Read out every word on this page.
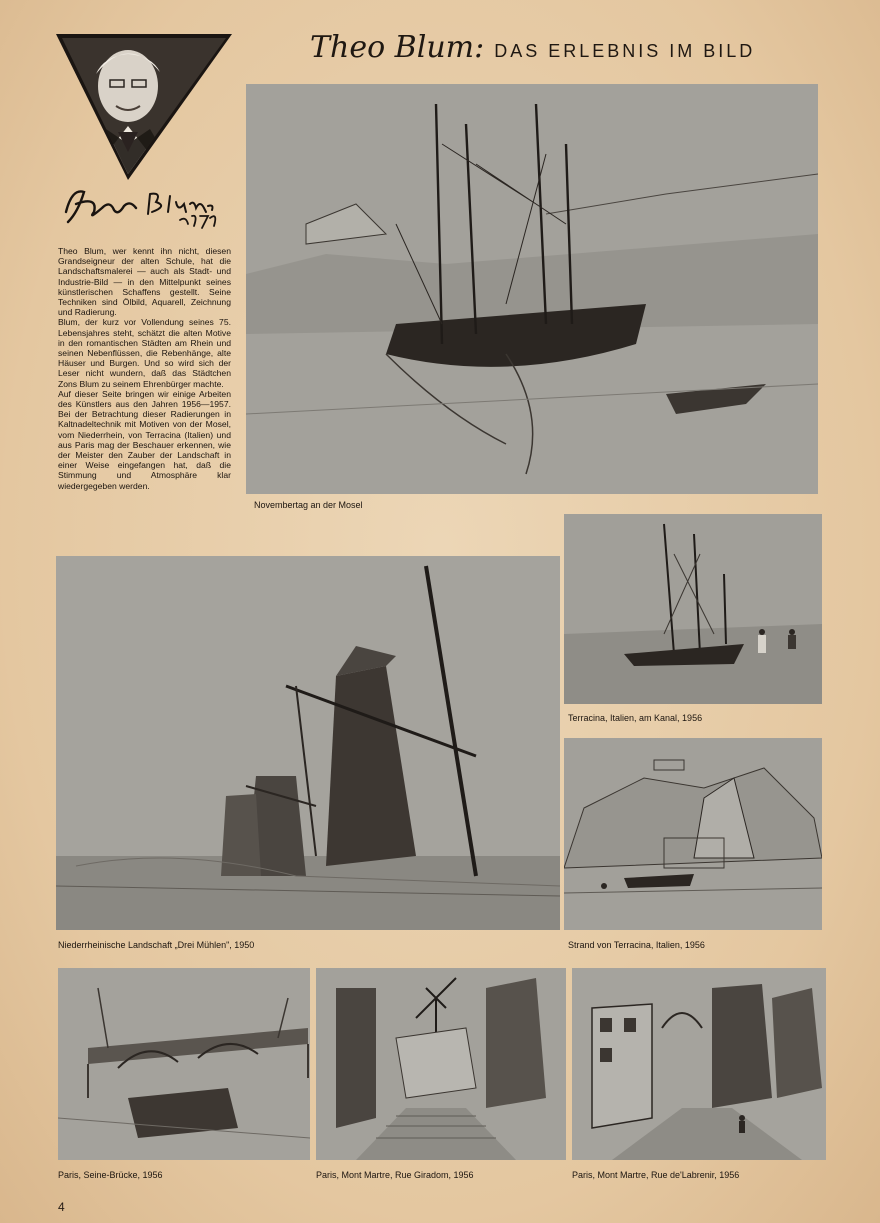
Theo Blum: DAS ERLEBNIS IM BILD

Theo Blum, wer kennt ihn nicht, diesen Grandseigneur der alten Schule, hat die Landschaftsmalerei — auch als Stadt- und Industrie-Bild — in den Mittelpunkt seines künstlerischen Schaffens gestellt. Seine Techniken sind Ölbild, Aquarell, Zeichnung und Radierung.

Blum, der kurz vor Vollendung seines 75. Lebensjahres steht, schätzt die alten Motive in den romantischen Städten am Rhein und seinen Nebenflüssen, die Rebenhänge, alte Häuser und Burgen. Und so wird sich der Leser nicht wundern, daß das Städtchen Zons Blum zu seinem Ehrenbürger machte.

Auf dieser Seite bringen wir einige Arbeiten des Künstlers aus den Jahren 1956—1957. Bei der Betrachtung dieser Radierungen in Kaltnadeltechnik mit Motiven von der Mosel, vom Niederrhein, von Terracina (Italien) und aus Paris mag der Beschauer erkennen, wie der Meister den Zauber der Landschaft in einer Weise eingefangen hat, daß die Stimmung und Atmosphäre klar wiedergegeben werden.

Novembertag an der Mosel
Terracina, Italien, am Kanal, 1956
Niederrheinische Landschaft „Drei Mühlen", 1950	Strand von Terracina, Italien, 1956
Paris, Seine-Brücke, 1956	Paris, Mont Martre, Rue Giradom, 1956	Paris, Mont Martre, Rue de'Labrenir, 1956
4
